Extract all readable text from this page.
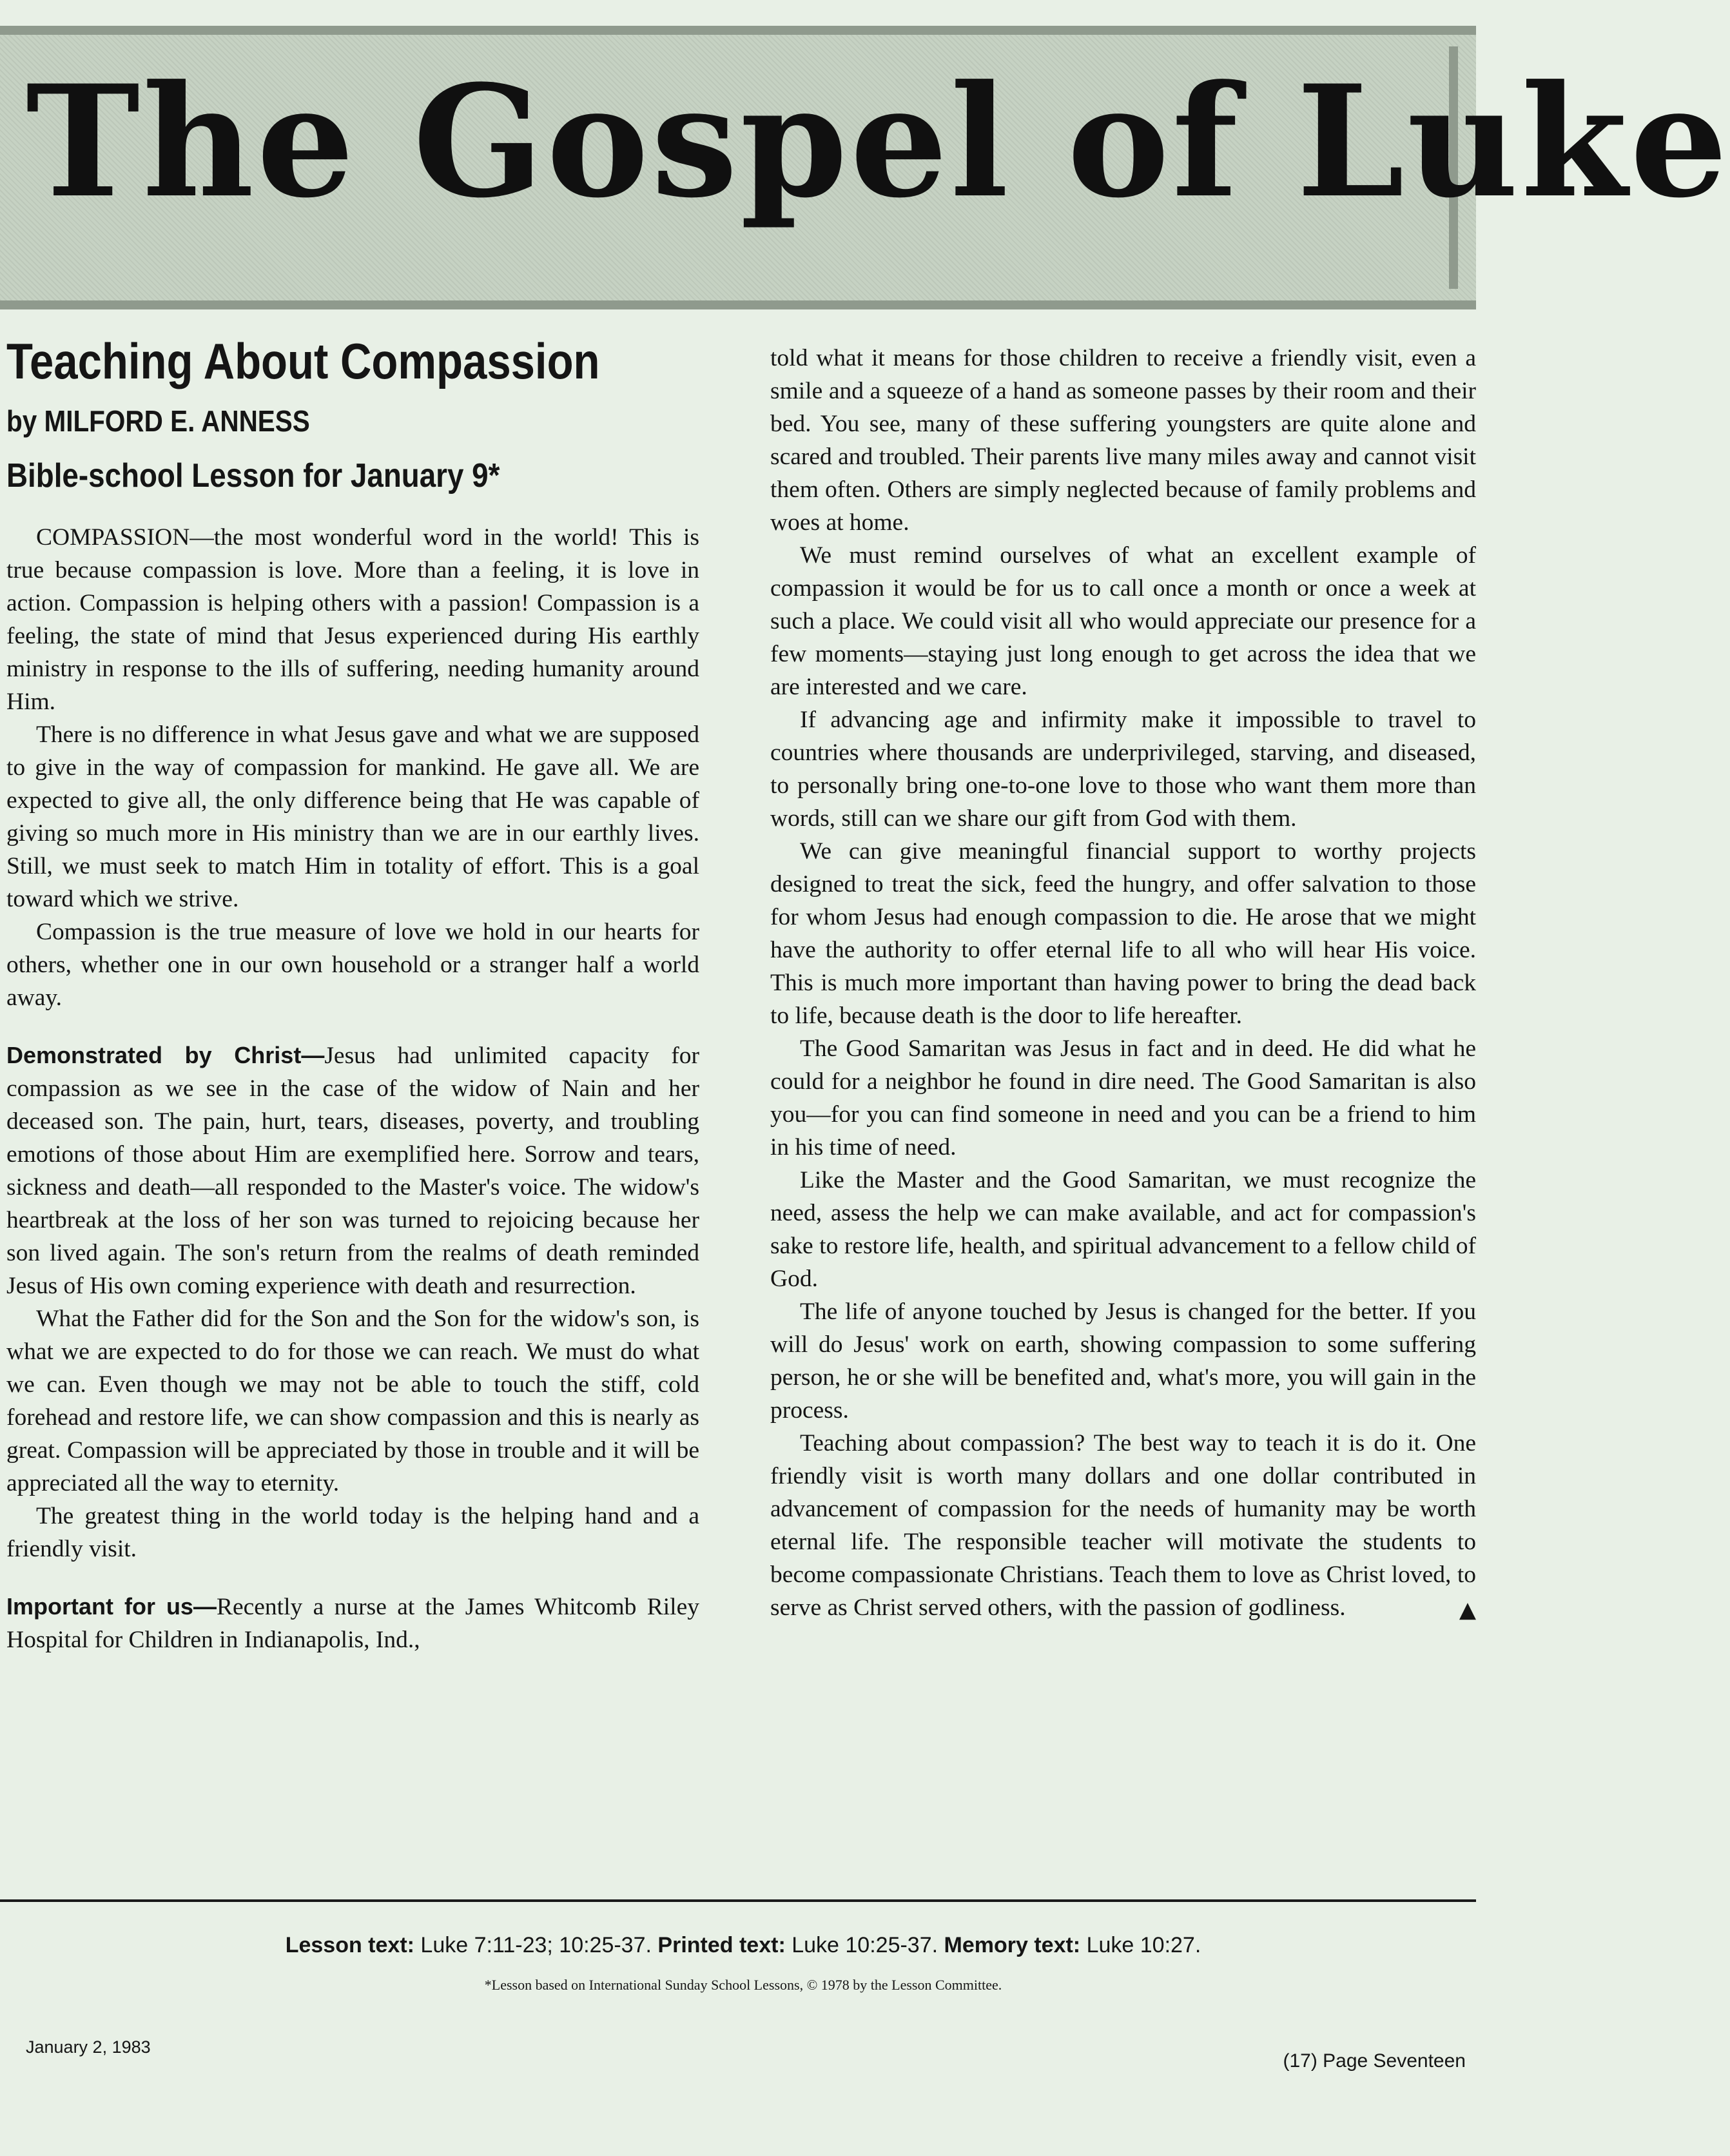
The Gospel of Luke
Teaching About Compassion
by MILFORD E. ANNESS
Bible-school Lesson for January 9*

COMPASSION—the most wonderful word in the world! This is true because compassion is love. More than a feeling, it is love in action. Compassion is helping others with a passion! Compassion is a feeling, the state of mind that Jesus experienced during His earthly ministry in response to the ills of suffering, needing humanity around Him.

There is no difference in what Jesus gave and what we are supposed to give in the way of compassion for mankind. He gave all. We are expected to give all, the only difference being that He was capable of giving so much more in His ministry than we are in our earthly lives. Still, we must seek to match Him in totality of effort. This is a goal toward which we strive.

Compassion is the true measure of love we hold in our hearts for others, whether one in our own household or a stranger half a world away.

Demonstrated by Christ—Jesus had unlimited capacity for compassion as we see in the case of the widow of Nain and her deceased son. The pain, hurt, tears, diseases, poverty, and troubling emotions of those about Him are exemplified here. Sorrow and tears, sickness and death—all responded to the Master's voice. The widow's heartbreak at the loss of her son was turned to rejoicing because her son lived again. The son's return from the realms of death reminded Jesus of His own coming experience with death and resurrection.

What the Father did for the Son and the Son for the widow's son, is what we are expected to do for those we can reach. We must do what we can. Even though we may not be able to touch the stiff, cold forehead and restore life, we can show compassion and this is nearly as great. Compassion will be appreciated by those in trouble and it will be appreciated all the way to eternity.

The greatest thing in the world today is the helping hand and a friendly visit.

Important for us—Recently a nurse at the James Whitcomb Riley Hospital for Children in Indianapolis, Ind.,

told what it means for those children to receive a friendly visit, even a smile and a squeeze of a hand as someone passes by their room and their bed. You see, many of these suffering youngsters are quite alone and scared and troubled. Their parents live many miles away and cannot visit them often. Others are simply neglected because of family problems and woes at home.

We must remind ourselves of what an excellent example of compassion it would be for us to call once a month or once a week at such a place. We could visit all who would appreciate our presence for a few moments—staying just long enough to get across the idea that we are interested and we care.

If advancing age and infirmity make it impossible to travel to countries where thousands are underprivileged, starving, and diseased, to personally bring one-to-one love to those who want them more than words, still can we share our gift from God with them.

We can give meaningful financial support to worthy projects designed to treat the sick, feed the hungry, and offer salvation to those for whom Jesus had enough compassion to die. He arose that we might have the authority to offer eternal life to all who will hear His voice. This is much more important than having power to bring the dead back to life, because death is the door to life hereafter.

The Good Samaritan was Jesus in fact and in deed. He did what he could for a neighbor he found in dire need. The Good Samaritan is also you—for you can find someone in need and you can be a friend to him in his time of need.

Like the Master and the Good Samaritan, we must recognize the need, assess the help we can make available, and act for compassion's sake to restore life, health, and spiritual advancement to a fellow child of God.

The life of anyone touched by Jesus is changed for the better. If you will do Jesus' work on earth, showing compassion to some suffering person, he or she will be benefited and, what's more, you will gain in the process.

Teaching about compassion? The best way to teach it is do it. One friendly visit is worth many dollars and one dollar contributed in advancement of compassion for the needs of humanity may be worth eternal life. The responsible teacher will motivate the students to become compassionate Christians. Teach them to love as Christ loved, to serve as Christ served others, with the passion of godliness.	▲

Lesson text: Luke 7:11-23; 10:25-37. Printed text: Luke 10:25-37. Memory text: Luke 10:27.
*Lesson based on International Sunday School Lessons, © 1978 by the Lesson Committee.
January 2, 1983
(17) Page Seventeen
